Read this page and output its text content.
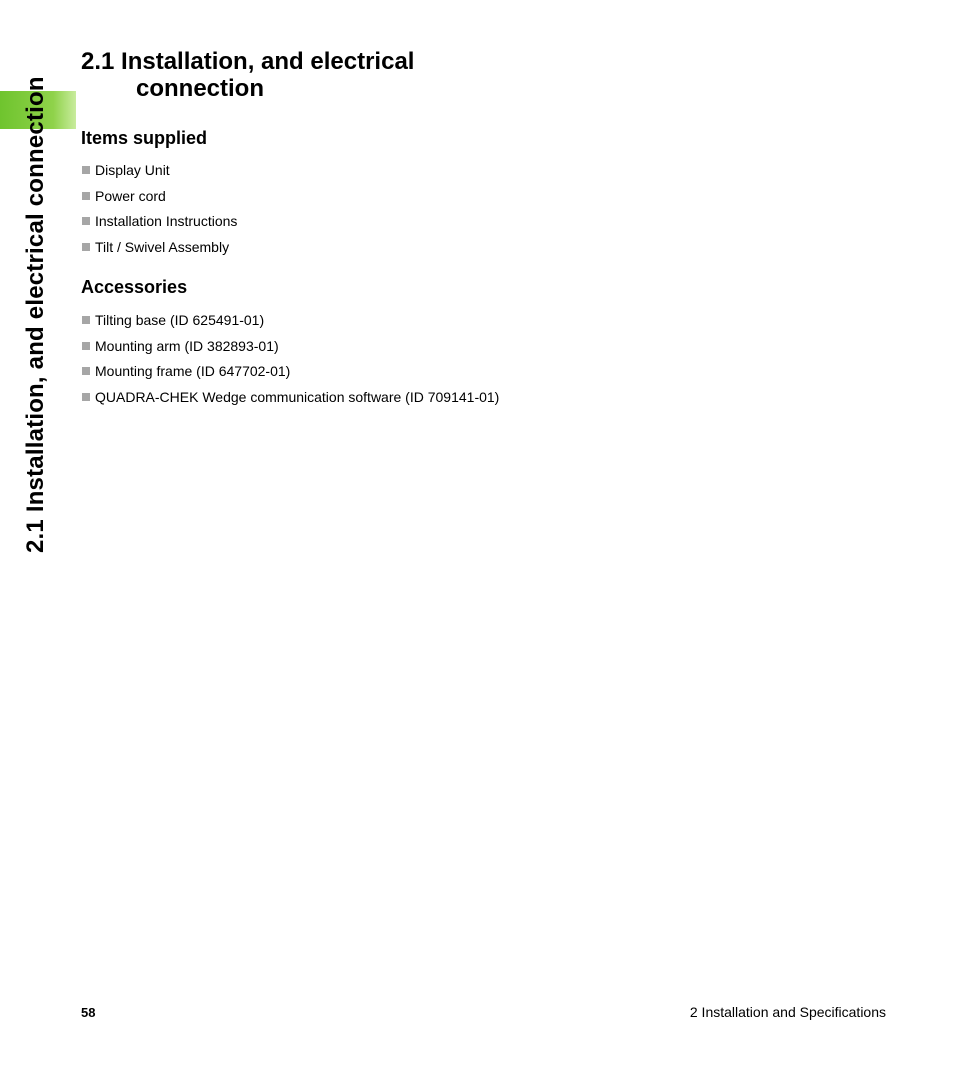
2.1 Installation, and electrical connection
2.1 Installation, and electrical
connection
Items supplied
Display Unit
Power cord
Installation Instructions
Tilt / Swivel Assembly
Accessories
Tilting base (ID 625491-01)
Mounting arm (ID 382893-01)
Mounting frame (ID 647702-01)
QUADRA-CHEK Wedge communication software (ID 709141-01)
58	2 Installation and Specifications
